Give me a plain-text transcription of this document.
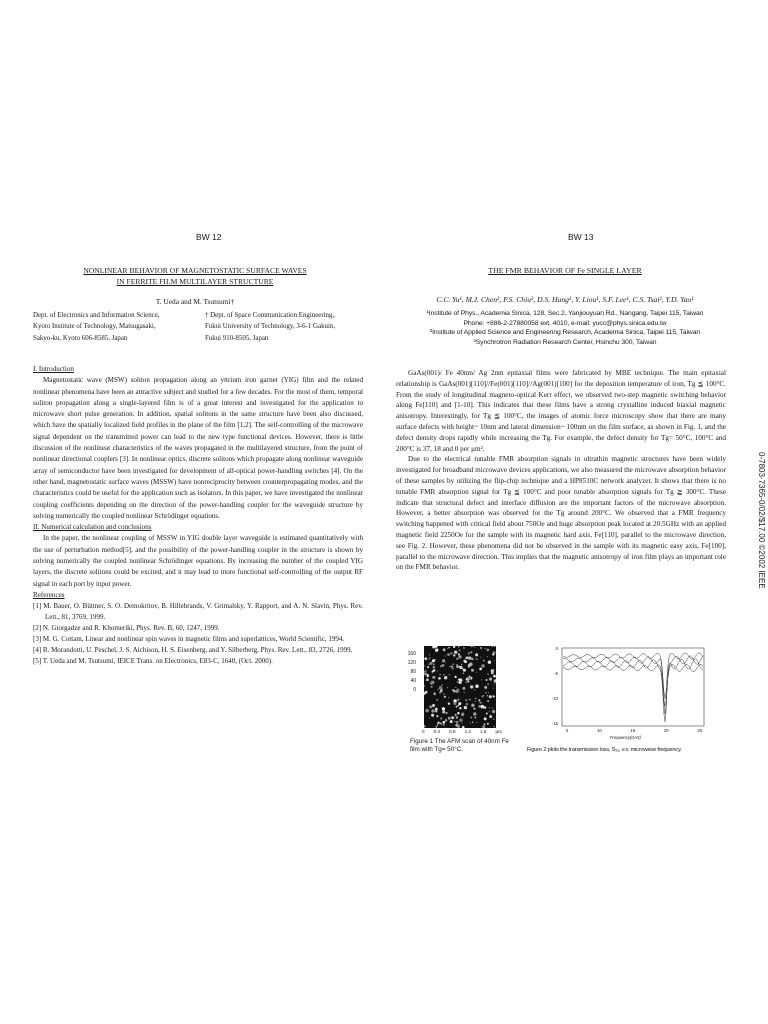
BW 12
NONLINEAR BEHAVIOR OF MAGNETOSTATIC SURFACE WAVES
IN FERRITE FILM MULTILAYER STRUCTURE
T. Ueda and M. Tsutsumi†
Dept. of Electronics and Information Science,
Kyoto Institute of Technology, Matsugasaki,
Sakyo-ku, Kyoto 606-8585, Japan
† Dept. of Space Communication Engineering,
Fukui University of Technology, 3-6-1 Gakuin,
Fukui 910-8505, Japan
I. Introduction

Magnetostatic wave (MSW) soliton propagation along an yttrium iron garnet (YIG) film and the related nonlinear phenomena have been an attractive subject and studied for a few decades. For the most of them, temporal soliton propagation along a single-layered film is of a great interest and investigated for the application to microwave short pulse generation. In addition, spatial solitons in the same structure have been also discussed, which have the spatially localized field profiles in the plane of the film [1,2]. The self-controlling of the microwave signal dependent on the transmitted power can lead to the new type functional devices. However, there is little discussion of the nonlinear characteristics of the waves propagated in the multilayered structure, from the point of nonlinear directional couplers [3]. In nonlinear optics, discrete solitons which propagate along nonlinear waveguide array of semiconductor have been investigated for development of all-optical power-handling switches [4]. On the other hand, magnetostatic surface waves (MSSW) have nonreciprocity between counterpropagating modes, and the characteristics could be useful for the application such as isolators. In this paper, we have investigated the nonlinear coupling coefficients depending on the direction of the power-handling coupler for the waveguide structure by solving numerically the coupled nonlinear Schrödinger equations.

II. Numerical calculation and conclusions

In the paper, the nonlinear coupling of MSSW in YIG double layer waveguide is estimated quantitatively with the use of perturbation method[5], and the possibility of the power-handling coupler in the structure is shown by solving numerically the coupled nonlinear Schrödinger equations. By increasing the number of the coupled YIG layers, the discrete solitons could be excited, and it may lead to more functional self-controlling of the output RF signal in each port by input power.

References

[1] M. Bauer, O. Büttner, S. O. Demokritov, B. Hillebrands, V. Grimalsky, Y. Rapport, and A. N. Slavin, Phys. Rev. Lett., 81, 3769, 1999.

[2] N. Giorgadze and R. Khomeriki, Phys. Rev. B, 60, 1247, 1999.

[3] M. G. Cottam, Linear and nonlinear spin waves in magnetic films and superlattices, World Scientific, 1994.

[4] R. Morandotti, U. Peschel, J. S. Aichison, H. S. Eisenberg, and Y. Silberberg, Phys. Rev. Lett., 83, 2726, 1999.

[5] T. Ueda and M. Tsutsumi, IEICE Trans. on Electronics, E83-C, 1640, (Oct. 2000).

BW 13
THE FMR BEHAVIOR OF Fe SINGLE LAYER
C.C. Yu¹, M.J. Chen², P.S. Chiu², D.S. Hung³, Y. Liou¹, S.F. Lee¹, C.S. Tsai², Y.D. Yao¹
¹Institute of Phys., Academia Sinica, 128, Sec.2, Yanjiouyuan Rd., Nangang, Taipei 115, Taiwan
Phone: +886-2-27880058 ext. 4010, e-mail: yucc@phys.sinica.edu.tw
²Institute of Applied Science and Engineering Research, Academia Sinica, Taipei 115, Taiwan
³Synchrotron Radiation Research Center, Hsinchu 300, Taiwan

GaAs(001)/ Fe 40nm/ Ag 2nm epitaxial films were fabricated by MBE technique. The main epitaxial relationship is GaAs(001)[110]//Fe(001)[110]//Ag(001)[100] for the deposition temperature of iron, Tg ≦ 100°C. From the study of longitudinal magneto-optical Kerr effect, we observed two-step magnetic switching behavior along Fe[110] and [1-10]. This indicates that these films have a strong crystalline induced biaxial magnetic anisotropy. Interestingly, for Tg ≦ 100°C, the images of atomic force microscopy show that there are many surface defects with height~ 10nm and lateral dimension~ 100nm on the film surface, as shown in Fig. 1, and the defect density drops rapidly while increasing the Tg. For example, the defect density for Tg= 50°C, 100°C and 200°C is 37, 18 and 0 per μm².

Due to the electrical tunable FMR absorption signals in ultrathin magnetic structures have been widely investigated for broadband microwave devices applications, we also measured the microwave absorption behavior of these samples by utilizing the flip-chip technique and a HP8510C network analyzer. It shows that there is no tunable FMR absorption signal for Tg ≦ 100°C and poor tunable absorption signals for Tg ≧ 300°C. These indicate that structural defect and interface diffusion are the important factors of the microwave absorption. However, a better absorption was observed for the Tg around 200°C. We observed that a FMR frequency switching happened with critical field about 750Oe and huge absorption peak located at 20.5GHz with an applied magnetic field 2250Oe for the sample with its magnetic hard axis, Fe[110], parallel to the microwave direction, see Fig. 2. However, these phenomena did not be observed in the sample with its magnetic easy axis, Fe[100], parallel to the microwave direction. This implies that the magnetic anisotropy of iron film plays an important role on the FMR behavior.

160
120
80
40
0
0 0.4 0.8 1.2 1.6 μm
Figure 1 The AFM scan of 40nm Fe
film with Tg= 50°C.
0
-5
-10
-15
5	10	15	20	25
Frequency(GHz)
Figure 2 plots the transmission loss, S₂₁, v.s. microwave frequency.
0-7803-7365-0/02/$17.00 ©2002 IEEE
